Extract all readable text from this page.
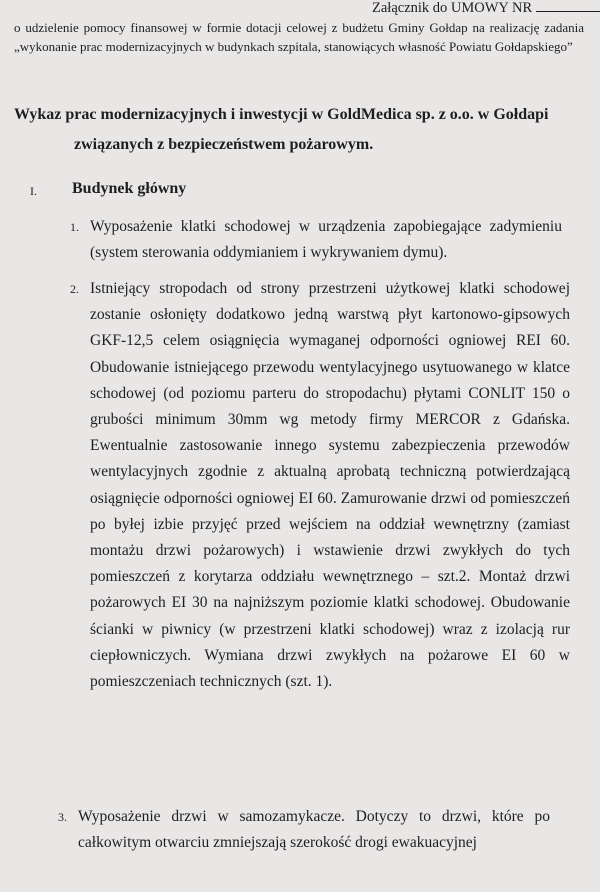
Załącznik do UMOWY NR
o udzielenie pomocy finansowej w formie dotacji celowej z budżetu Gminy Gołdap na realizację zadania „wykonanie prac modernizacyjnych w budynkach szpitala, stanowiących własność Powiatu Gołdapskiego”
Wykaz prac modernizacyjnych i inwestycji w GoldMedica sp. z o.o. w Gołdapi
związanych z bezpieczeństwem pożarowym.
I. Budynek główny
1. Wyposażenie klatki schodowej w urządzenia zapobiegające zadymieniu (system sterowania oddymianiem i wykrywaniem dymu).
2. Istniejący stropodach od strony przestrzeni użytkowej klatki schodowej zostanie osłonięty dodatkowo jedną warstwą płyt kartonowo-gipsowych GKF-12,5 celem osiągnięcia wymaganej odporności ogniowej REI 60. Obudowanie istniejącego przewodu wentylacyjnego usytuowanego w klatce schodowej (od poziomu parteru do stropodachu) płytami CONLIT 150 o grubości minimum 30mm wg metody firmy MERCOR z Gdańska. Ewentualnie zastosowanie innego systemu zabezpieczenia przewodów wentylacyjnych zgodnie z aktualną aprobatą techniczną potwierdzającą osiągnięcie odporności ogniowej EI 60. Zamurowanie drzwi od pomieszczeń po byłej izbie przyjęć przed wejściem na oddział wewnętrzny (zamiast montażu drzwi pożarowych) i wstawienie drzwi zwykłych do tych pomieszczeń z korytarza oddziału wewnętrznego – szt.2. Montaż drzwi pożarowych EI 30 na najniższym poziomie klatki schodowej. Obudowanie ścianki w piwnicy (w przestrzeni klatki schodowej) wraz z izolacją rur ciepłowniczych. Wymiana drzwi zwykłych na pożarowe EI 60 w pomieszczeniach technicznych (szt. 1).
3. Wyposażenie drzwi w samozamykacze. Dotyczy to drzwi, które po całkowitym otwarciu zmniejszają szerokość drogi ewakuacyjnej
